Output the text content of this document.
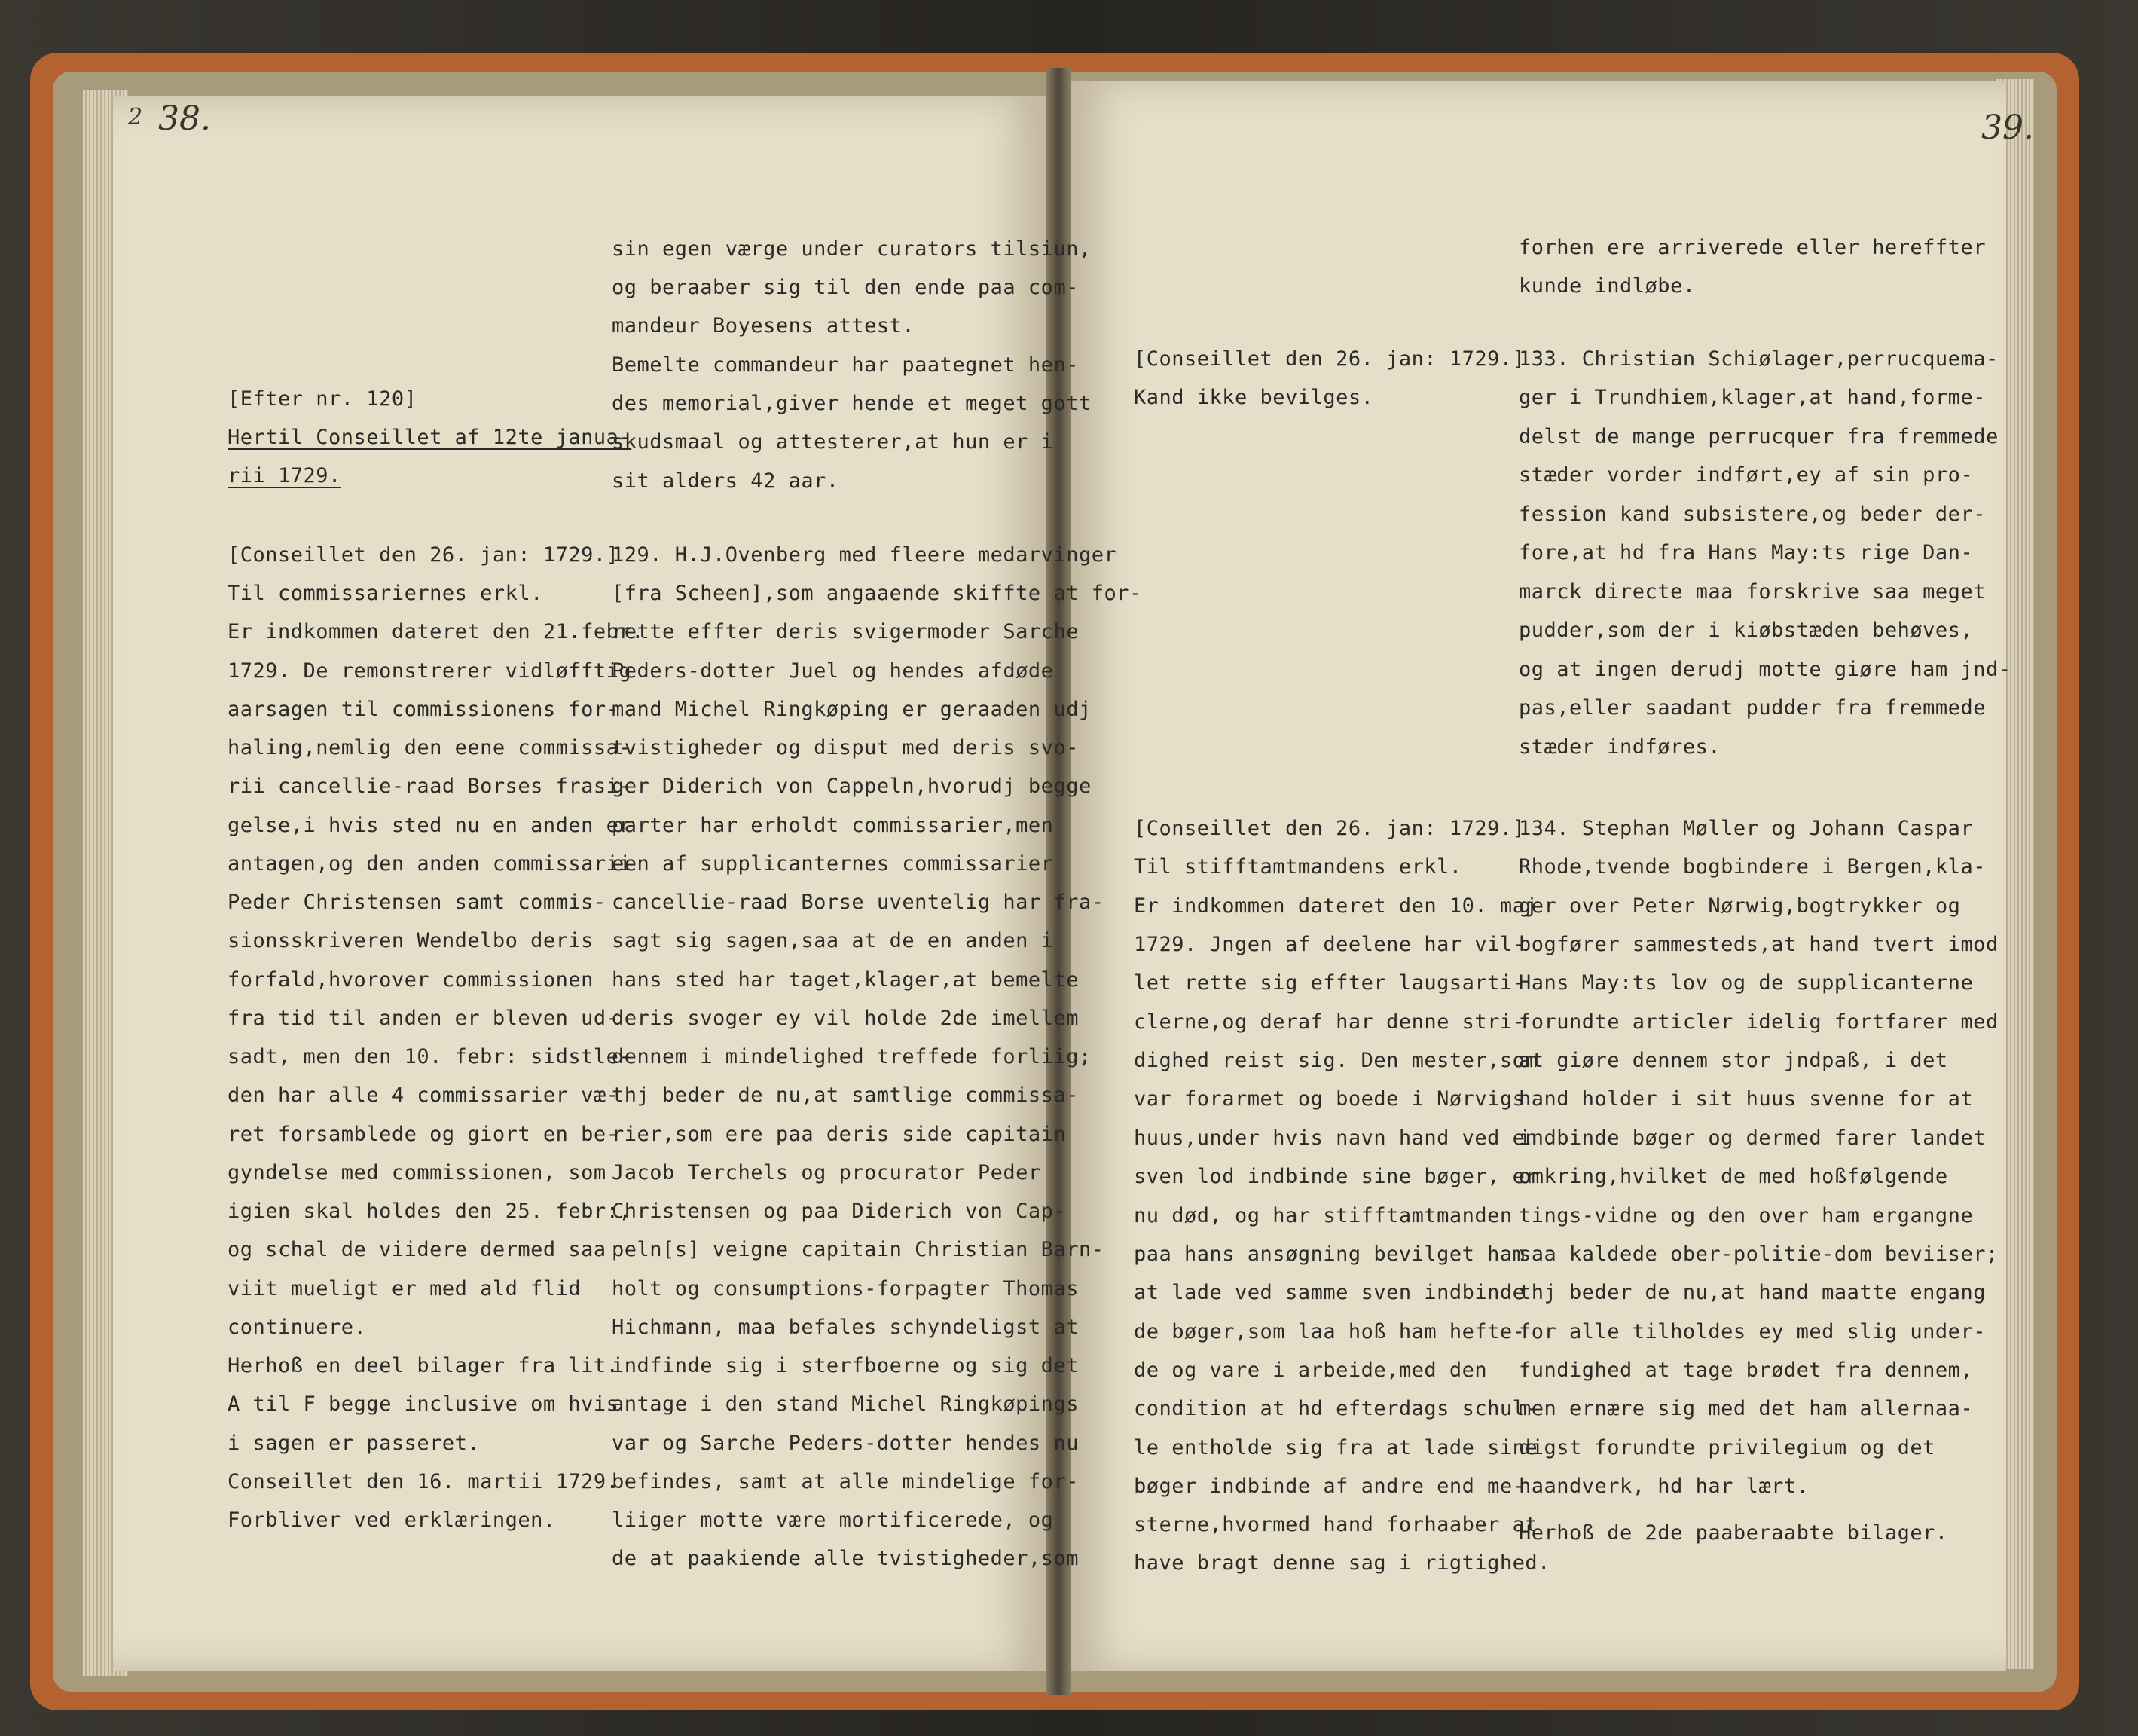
2 38.	39.
[Efter nr. 120]
Hertil Conseillet af 12te janua-
rii 1729.
[Conseillet den 26. jan: 1729.]
Til commissariernes erkl.
Er indkommen dateret den 21.febr.
1729. De remonstrerer vidløfftig
aarsagen til commissionens for-
haling,nemlig den eene commissa-
rii cancellie-raad Borses frasi-
gelse,i hvis sted nu en anden er
antagen,og den anden commissarii
Peder Christensen samt commis-
sionsskriveren Wendelbo deris
forfald,hvorover commissionen
fra tid til anden er bleven ud-
sadt, men den 10. febr: sidstle-
den har alle 4 commissarier væ-
ret forsamblede og giort en be-
gyndelse med commissionen, som
igien skal holdes den 25. febr:,
og schal de viidere dermed saa
viit mueligt er med ald flid
continuere.
Herhoß en deel bilager fra lit.
A til F begge inclusive om hvis
i sagen er passeret.
Conseillet den 16. martii 1729.
Forbliver ved erklæringen.
sin egen værge under curators tilsiun,
og beraaber sig til den ende paa com-
mandeur Boyesens attest.
Bemelte commandeur har paategnet hen-
des memorial,giver hende et meget gott
skudsmaal og attesterer,at hun er i
sit alders 42 aar.
129. H.J.Ovenberg med fleere medarvinger
[fra Scheen],som angaaende skiffte at for-
rette effter deris svigermoder Sarche
Peders-dotter Juel og hendes afdøde
mand Michel Ringkøping er geraaden udj
tvistigheder og disput med deris svo-
ger Diderich von Cappeln,hvorudj begge
parter har erholdt commissarier,men
een af supplicanternes commissarier
cancellie-raad Borse uventelig har fra-
sagt sig sagen,saa at de en anden i
hans sted har taget,klager,at bemelte
deris svoger ey vil holde 2de imellem
dennem i mindelighed treffede forliig;
thj beder de nu,at samtlige commissa-
rier,som ere paa deris side capitain
Jacob Terchels og procurator Peder
Christensen og paa Diderich von Cap-
peln[s] veigne capitain Christian Barn-
holt og consumptions-forpagter Thomas
Hichmann, maa befales schyndeligst at
indfinde sig i sterfboerne og sig det
antage i den stand Michel Ringkøpings
var og Sarche Peders-dotter hendes nu
befindes, samt at alle mindelige for-
liiger motte være mortificerede, og
de at paakiende alle tvistigheder,som
[Conseillet den 26. jan: 1729.]
Kand ikke bevilges.
[Conseillet den 26. jan: 1729.]
Til stifftamtmandens erkl.
Er indkommen dateret den 10. maj
1729. Jngen af deelene har vil-
let rette sig effter laugsarti-
clerne,og deraf har denne stri-
dighed reist sig. Den mester,som
var forarmet og boede i Nørvigs
huus,under hvis navn hand ved en
sven lod indbinde sine bøger, er
nu død, og har stifftamtmanden
paa hans ansøgning bevilget ham
at lade ved samme sven indbinde
de bøger,som laa hoß ham hefte-
de og vare i arbeide,med den
condition at hd efterdags schul-
le entholde sig fra at lade sine
bøger indbinde af andre end me-
sterne,hvormed hand forhaaber at
have bragt denne sag i rigtighed.
forhen ere arriverede eller hereffter
kunde indløbe.
133. Christian Schiølager,perrucquema-
ger i Trundhiem,klager,at hand,forme-
delst de mange perrucquer fra fremmede
stæder vorder indført,ey af sin pro-
fession kand subsistere,og beder der-
fore,at hd fra Hans May:ts rige Dan-
marck directe maa forskrive saa meget
pudder,som der i kiøbstæden behøves,
og at ingen derudj motte giøre ham jnd-
pas,eller saadant pudder fra fremmede
stæder indføres.
134. Stephan Møller og Johann Caspar
Rhode,tvende bogbindere i Bergen,kla-
ger over Peter Nørwig,bogtrykker og
bogfører sammesteds,at hand tvert imod
Hans May:ts lov og de supplicanterne
forundte articler idelig fortfarer med
at giøre dennem stor jndpaß, i det
hand holder i sit huus svenne for at
indbinde bøger og dermed farer landet
omkring,hvilket de med hoßfølgende
tings-vidne og den over ham ergangne
saa kaldede ober-politie-dom beviiser;
thj beder de nu,at hand maatte engang
for alle tilholdes ey med slig under-
fundighed at tage brødet fra dennem,
men ernære sig med det ham allernaa-
digst forundte privilegium og det
haandverk, hd har lært.
Herhoß de 2de paaberaabte bilager.
